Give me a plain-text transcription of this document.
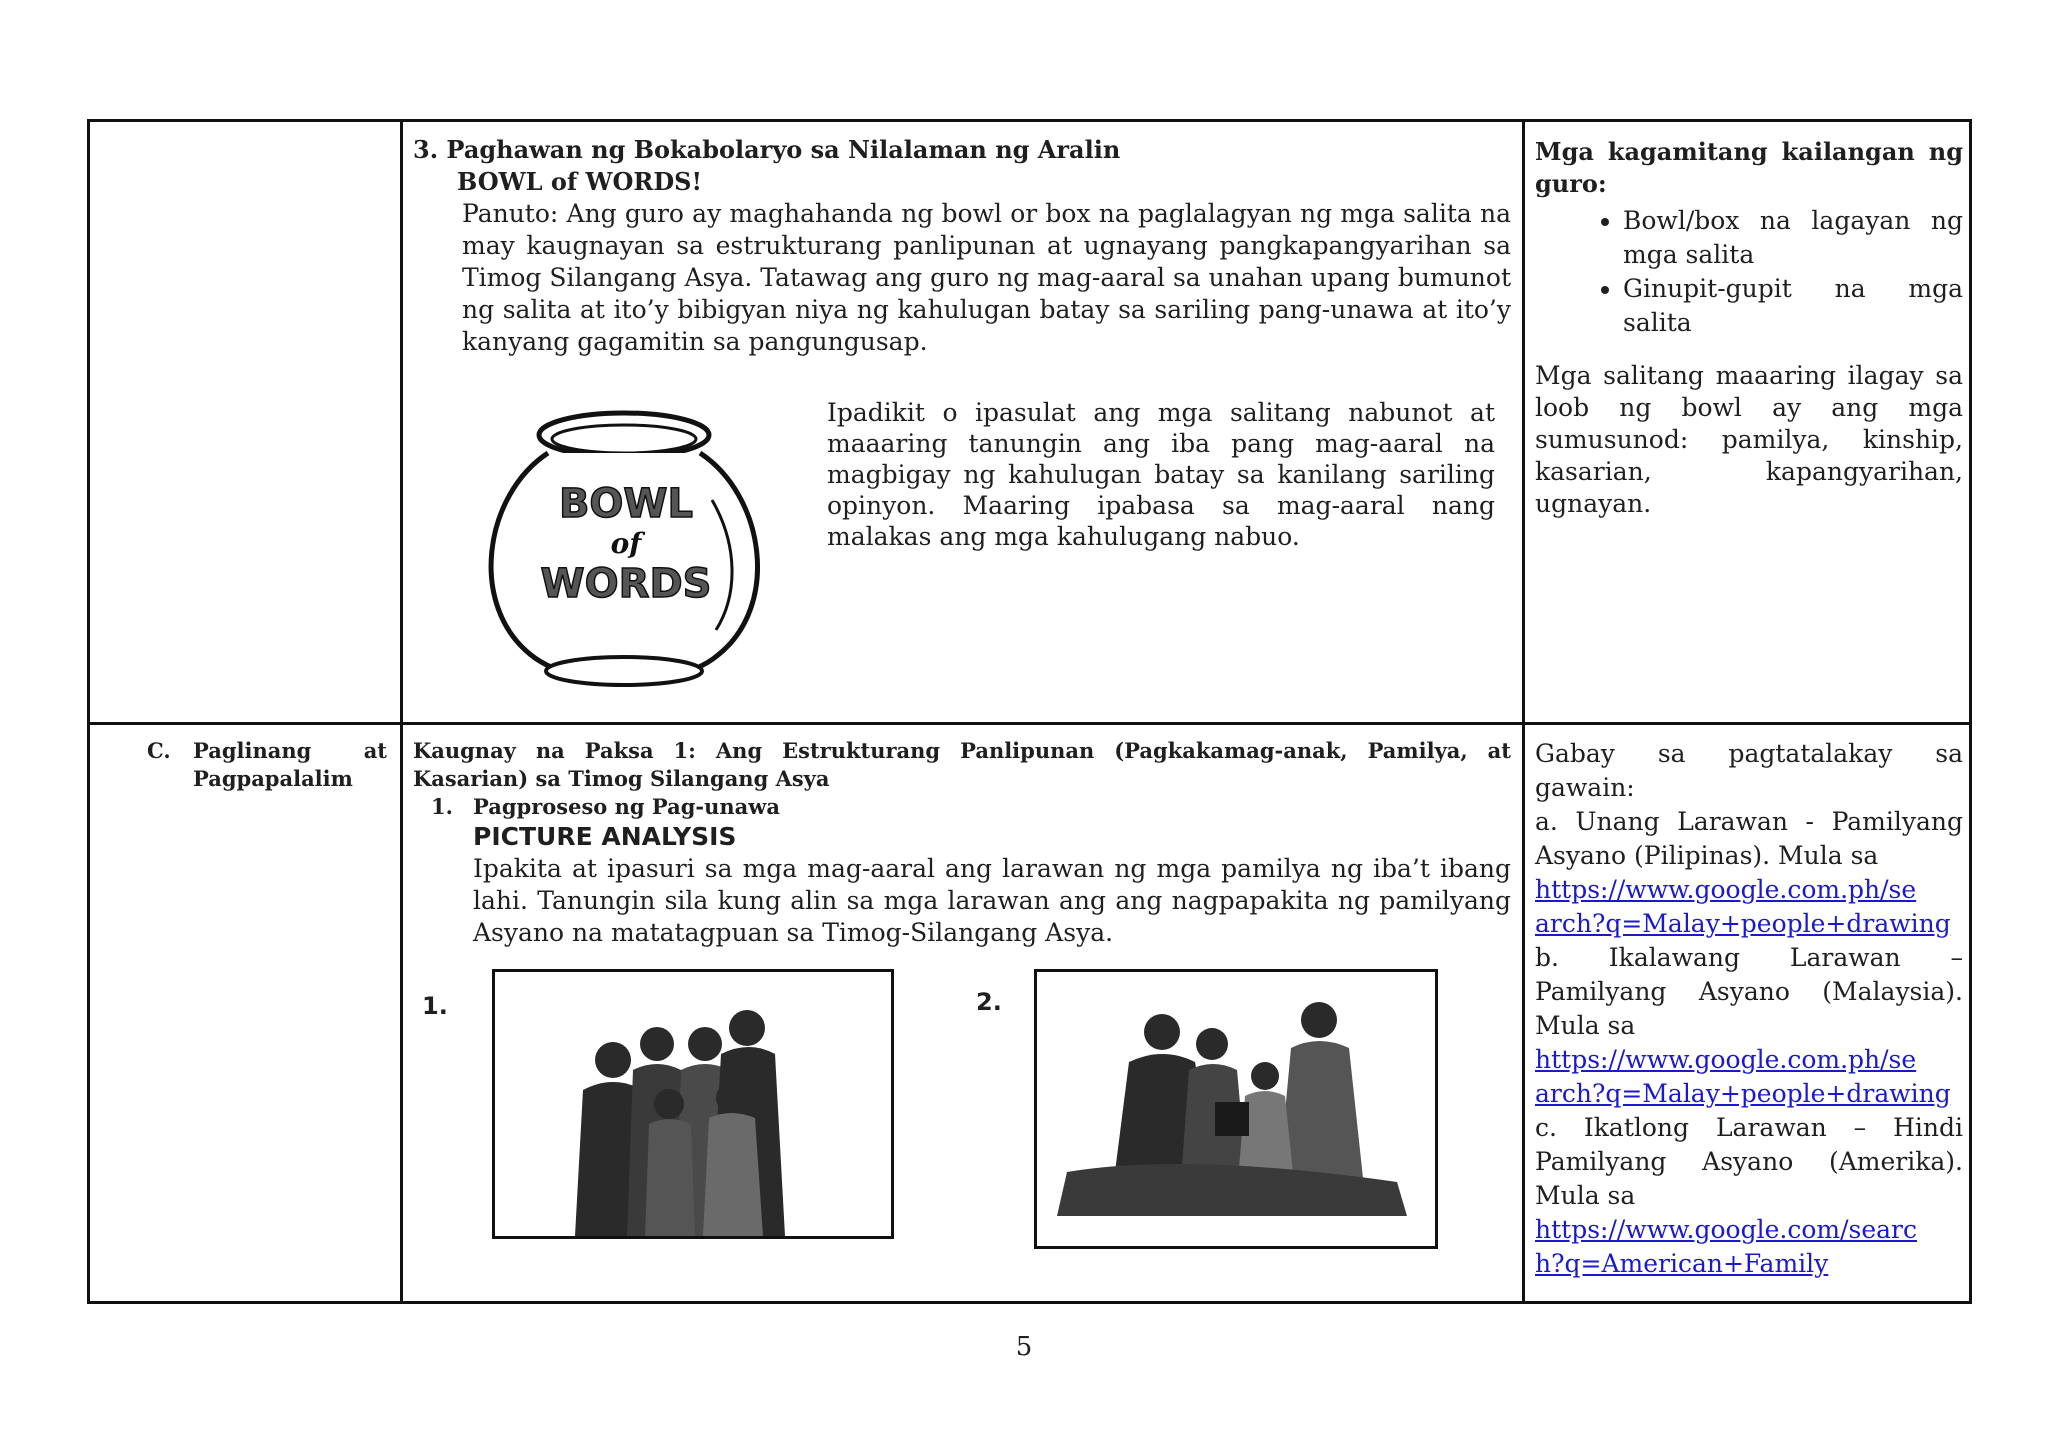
3. Paghawan ng Bokabolaryo sa Nilalaman ng Aralin
BOWL of WORDS!
Panuto: Ang guro ay maghahanda ng bowl or box na paglalagyan ng mga salita na may kaugnayan sa estrukturang panlipunan at ugnayang pangkapangyarihan sa Timog Silangang Asya. Tatawag ang guro ng mag-aaral sa unahan upang bumunot ng salita at ito’y bibigyan niya ng kahulugan batay sa sariling pang-unawa at ito’y kanyang gagamitin sa pangungusap.
BOWL
of
WORDS
Ipadikit o ipasulat ang mga salitang nabunot at maaaring tanungin ang iba pang mag-aaral na magbigay ng kahulugan batay sa kanilang sariling opinyon. Maaring ipabasa sa mag-aaral nang malakas ang mga kahulugang nabuo.
Mga kagamitang kailangan ng guro:
• Bowl/box na lagayan ng mga salita
• Ginupit-gupit na mga salita
Mga salitang maaaring ilagay sa loob ng bowl ay ang mga sumusunod: pamilya, kinship, kasarian, kapangyarihan, ugnayan.
C.	Paglinang at Pagpapalalim
Kaugnay na Paksa 1: Ang Estrukturang Panlipunan (Pagkakamag-anak, Pamilya, at Kasarian) sa Timog Silangang Asya
1. Pagproseso ng Pag-unawa
PICTURE ANALYSIS
Ipakita at ipasuri sa mga mag-aaral ang larawan ng mga pamilya ng iba’t ibang lahi. Tanungin sila kung alin sa mga larawan ang ang nagpapakita ng pamilyang Asyano na matatagpuan sa Timog-Silangang Asya.
1.	2.
Gabay sa pagtatalakay sa gawain:
a. Unang Larawan - Pamilyang Asyano (Pilipinas). Mula sa
https://www.google.com.ph/se
arch?q=Malay+people+drawing
b. Ikalawang Larawan – Pamilyang Asyano (Malaysia). Mula sa
https://www.google.com.ph/se
arch?q=Malay+people+drawing
c. Ikatlong Larawan – Hindi Pamilyang Asyano (Amerika). Mula sa
https://www.google.com/searc
h?q=American+Family
5
